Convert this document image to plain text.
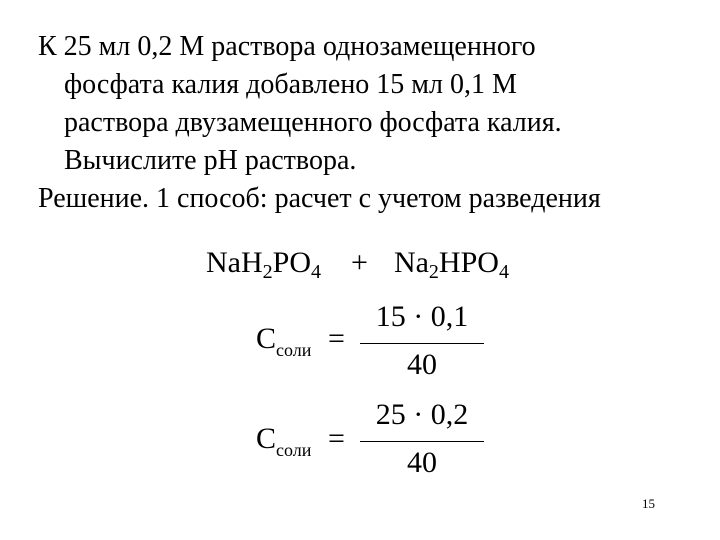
К 25 мл 0,2 М раствора однозамещенного
фосфата калия добавлено 15 мл 0,1 М
раствора двузамещенного фосфата калия.
Вычислите рН раствора.
Решение. 1 способ: расчет с учетом разведения
$NaH_2PO_4 + Na_2HPO_4$
$C_{соли}$ =
15 · 0,1
40
$C_{соли}$ =
25 · 0,2
40
15
